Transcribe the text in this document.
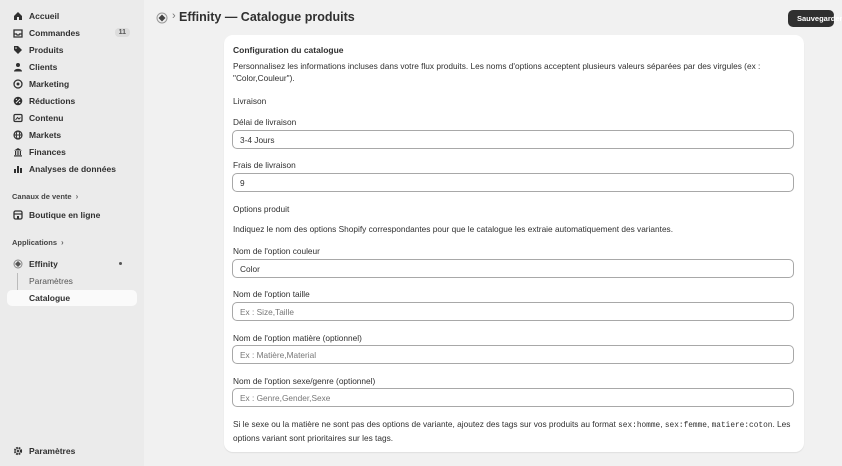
Accueil
Commandes	11
Produits
Clients
Marketing
Réductions
Contenu
Markets
Finances
Analyses de données
Canaux de vente ›
Boutique en ligne
Applications ›
Effinity
Paramètres
Catalogue
Paramètres
› Effinity — Catalogue produits	Sauvegarder
Configuration du catalogue

Personnalisez les informations incluses dans votre flux produits. Les noms d'options acceptent plusieurs valeurs séparées par des virgules (ex : "Color,Couleur").

Livraison
Délai de livraison
3-4 Jours
Frais de livraison
9
Options produit

Indiquez le nom des options Shopify correspondantes pour que le catalogue les extraie automatiquement des variantes.

Nom de l'option couleur
Color
Nom de l'option taille
Ex : Size,Taille
Nom de l'option matière (optionnel)
Ex : Matière,Material
Nom de l'option sexe/genre (optionnel)
Ex : Genre,Gender,Sexe

Si le sexe ou la matière ne sont pas des options de variante, ajoutez des tags sur vos produits au format sex:homme, sex:femme, matiere:coton. Les options variant sont prioritaires sur les tags.
